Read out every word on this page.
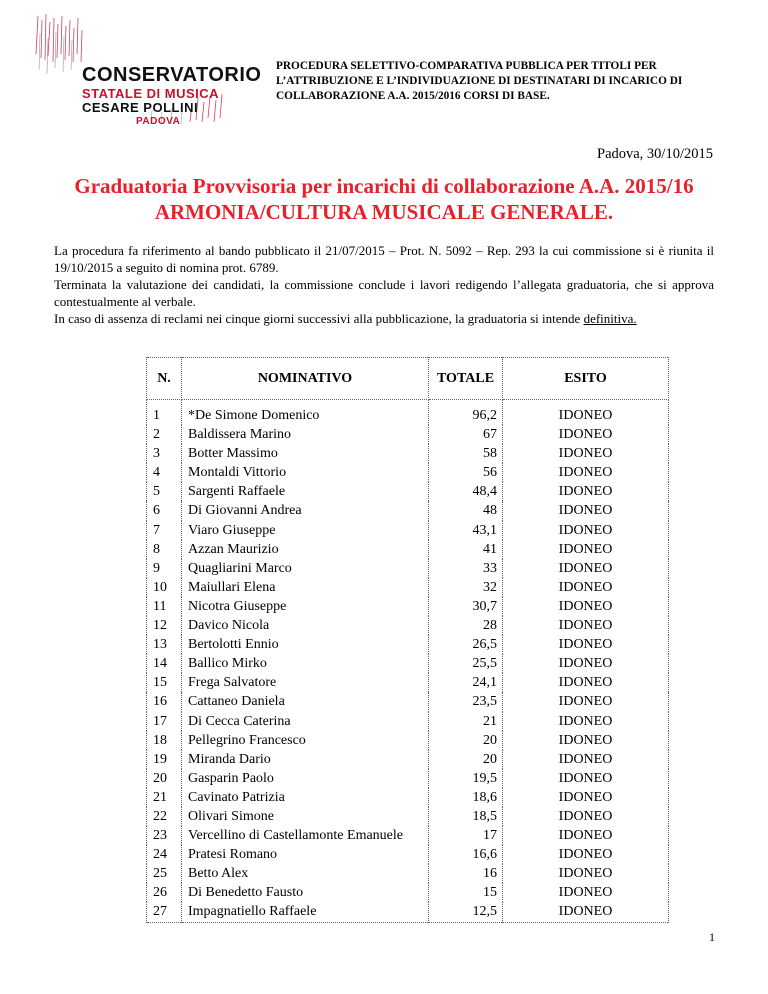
CONSERVATORIO
STATALE DI MUSICA
CESARE POLLINI
PADOVA
PROCEDURA SELETTIVO-COMPARATIVA PUBBLICA PER TITOLI PER L’ATTRIBUZIONE E L’INDIVIDUAZIONE DI DESTINATARI DI INCARICO DI COLLABORAZIONE A.A. 2015/2016 CORSI DI BASE.
Padova, 30/10/2015
Graduatoria Provvisoria per incarichi di collaborazione A.A. 2015/16
ARMONIA/CULTURA MUSICALE GENERALE.

La procedura fa riferimento al bando pubblicato il 21/07/2015 – Prot. N. 5092 – Rep. 293 la cui commissione si è riunita il 19/10/2015 a seguito di nomina prot. 6789.

Terminata la valutazione dei candidati, la commissione conclude i lavori redigendo l’allegata graduatoria, che si approva contestualmente al verbale.

In caso di assenza di reclami nei cinque giorni successivi alla pubblicazione, la graduatoria si intende definitiva.

N.	NOMINATIVO	TOTALE	ESITO
1	*De Simone Domenico	96,2	IDONEO
2	Baldissera Marino	67	IDONEO
3	Botter Massimo	58	IDONEO
4	Montaldi Vittorio	56	IDONEO
5	Sargenti Raffaele	48,4	IDONEO
6	Di Giovanni Andrea	48	IDONEO
7	Viaro Giuseppe	43,1	IDONEO
8	Azzan Maurizio	41	IDONEO
9	Quagliarini Marco	33	IDONEO
10	Maiullari Elena	32	IDONEO
11	Nicotra Giuseppe	30,7	IDONEO
12	Davico Nicola	28	IDONEO
13	Bertolotti Ennio	26,5	IDONEO
14	Ballico Mirko	25,5	IDONEO
15	Frega Salvatore	24,1	IDONEO
16	Cattaneo Daniela	23,5	IDONEO
17	Di Cecca Caterina	21	IDONEO
18	Pellegrino Francesco	20	IDONEO
19	Miranda Dario	20	IDONEO
20	Gasparin Paolo	19,5	IDONEO
21	Cavinato Patrizia	18,6	IDONEO
22	Olivari Simone	18,5	IDONEO
23	Vercellino di Castellamonte Emanuele	17	IDONEO
24	Pratesi Romano	16,6	IDONEO
25	Betto Alex	16	IDONEO
26	Di Benedetto Fausto	15	IDONEO
27	Impagnatiello Raffaele	12,5	IDONEO
1
